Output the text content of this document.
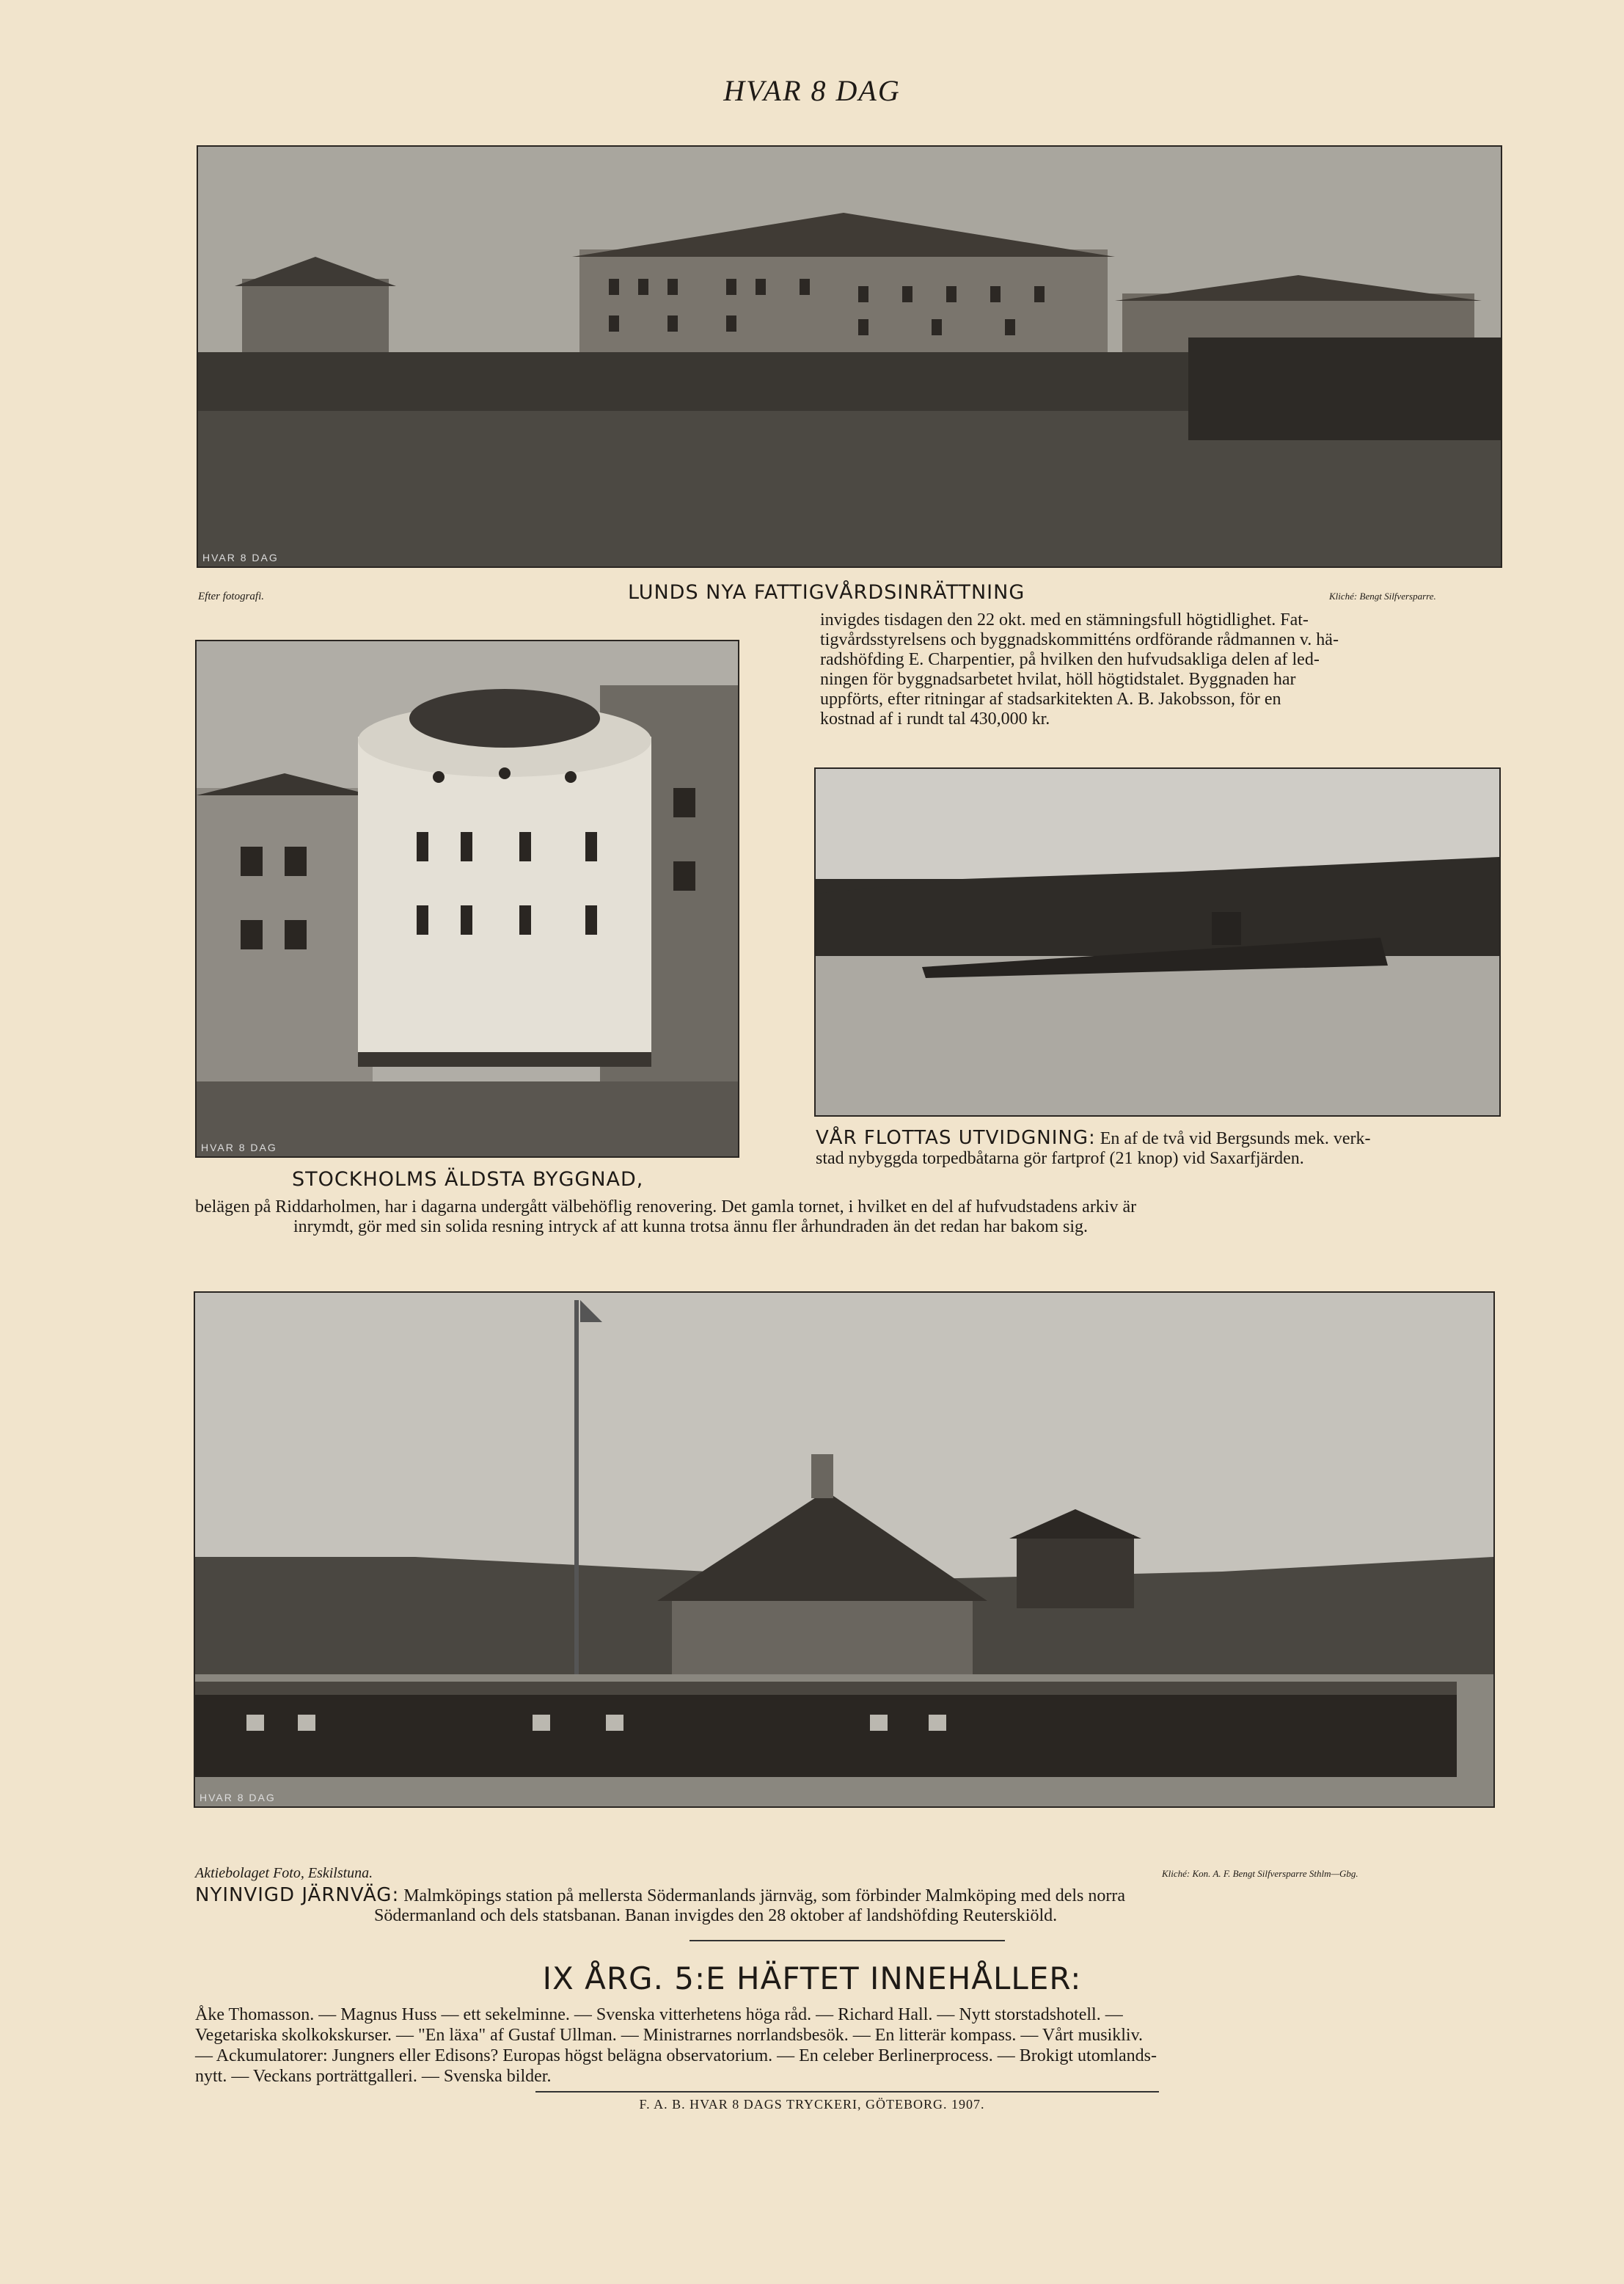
HVAR 8 DAG
HVAR 8 DAG
Efter fotografi.	LUNDS NYA FATTIGVÅRDSINRÄTTNING	Kliché: Bengt Silfversparre.
invigdes tisdagen den 22 okt. med en stämningsfull högtidlighet. Fat-
tigvårdsstyrelsens och byggnadskommitténs ordförande rådmannen v. hä-
radshöfding E. Charpentier, på hvilken den hufvudsakliga delen af led-
ningen för byggnadsarbetet hvilat, höll högtidstalet. Byggnaden har
uppförts, efter ritningar af stadsarkitekten A. B. Jakobsson, för en
kostnad af i rundt tal 430,000 kr.
HVAR 8 DAG	VÅR FLOTTAS UTVIDGNING: En af de två vid Bergsunds mek. verk-
stad nybyggda torpedbåtarna gör fartprof (21 knop) vid Saxarfjärden.
STOCKHOLMS ÄLDSTA BYGGNAD,
belägen på Riddarholmen, har i dagarna undergått välbehöflig renovering. Det gamla tornet, i hvilket en del af hufvudstadens arkiv är
inrymdt, gör med sin solida resning intryck af att kunna trotsa ännu fler århundraden än det redan har bakom sig.
HVAR 8 DAG
Aktiebolaget Foto, Eskilstuna.	Kliché: Kon. A. F. Bengt Silfversparre Sthlm—Gbg.
NYINVIGD JÄRNVÄG: Malmköpings station på mellersta Södermanlands järnväg, som förbinder Malmköping med dels norra
Södermanland och dels statsbanan. Banan invigdes den 28 oktober af landshöfding Reuterskiöld.
IX ÅRG. 5:E HÄFTET INNEHÅLLER:
Åke Thomasson. — Magnus Huss — ett sekelminne. — Svenska vitterhetens höga råd. — Richard Hall. — Nytt storstadshotell. —
Vegetariska skolkokskurser. — "En läxa" af Gustaf Ullman. — Ministrarnes norrlandsbesök. — En litterär kompass. — Vårt musikliv.
— Ackumulatorer: Jungners eller Edisons? Europas högst belägna observatorium. — En celeber Berlinerprocess. — Brokigt utomlands-
nytt. — Veckans porträttgalleri. — Svenska bilder.
F. A. B. HVAR 8 DAGS TRYCKERI, GÖTEBORG. 1907.
